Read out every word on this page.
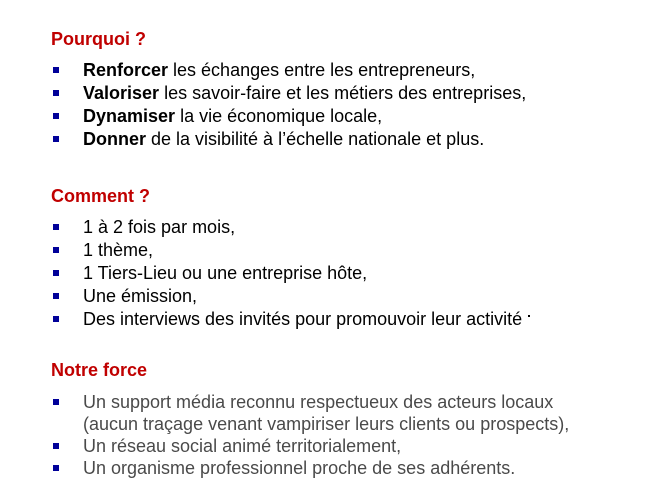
Pourquoi ?
Renforcer les échanges entre les entrepreneurs,
Valoriser les savoir-faire et les métiers des entreprises,
Dynamiser la vie économique locale,
Donner de la visibilité à l’échelle nationale et plus.
Comment ?
1 à 2 fois par mois,
1 thème,
1 Tiers-Lieu ou une entreprise hôte,
Une émission,
Des interviews des invités pour promouvoir leur activité
Notre force
Un support média reconnu respectueux des acteurs locaux
(aucun traçage venant vampiriser leurs clients ou prospects),
Un réseau social animé territorialement,
Un organisme professionnel proche de ses adhérents.
